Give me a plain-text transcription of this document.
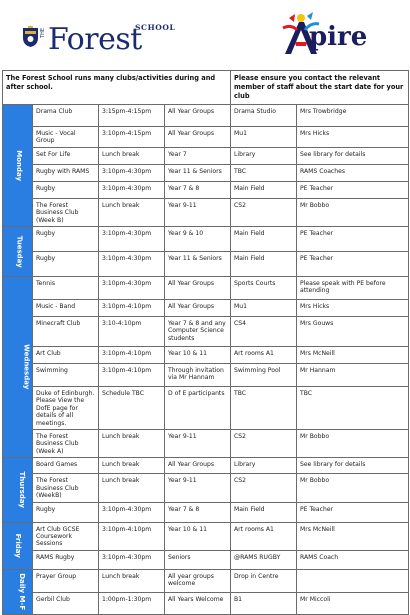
THE Forest
SCHOOL	pire
The Forest School runs many clubs/activities during and after school.				Please ensure you contact the relevant member of staff about the start date for your club	
Monday	Drama Club	3:15pm-4:15pm	All Year Groups	Drama Studio	Mrs Trowbridge
	Music - Vocal Group	3:10pm-4:15pm	All Year Groups	Mu1	Mrs Hicks
	Set For Life	Lunch break	Year 7	Library	See library for details
	Rugby with RAMS	3:10pm-4:30pm	Year 11 & Seniors	TBC	RAMS Coaches
	Rugby	3:10pm-4:30pm	Year 7 & 8	Main Field	PE Teacher
	The Forest Business Club (Week B)	Lunch break	Year 9-11	CS2	Mr Bobbo
Tuesday	Rugby	3:10pm-4:30pm	Year 9 & 10	Main Field	PE Teacher
	Rugby	3:10pm-4:30pm	Year 11 & Seniors	Main Field	PE Teacher
Wednesday	Tennis	3:10pm-4:30pm	All Year Groups	Sports Courts	Please speak with PE before attending
	Music - Band	3:10pm-4:10pm	All Year Groups	Mu1	Mrs Hicks
	Minecraft Club	3:10-4:10pm	Year 7 & 8 and any Computer Science students	CS4	Mrs Gouws
	Art Club	3:10pm-4:10pm	Year 10 & 11	Art rooms A1	Mrs McNeill
	Swimming	3:10pm-4:10pm	Through invitation via Mr Hannam	Swimming Pool	Mr Hannam
	Duke of Edinburgh. Please View the DofE page for details of all meetings.	Schedule TBC	D of E participants	TBC	TBC
	The Forest Business Club (Week A)	Lunch break	Year 9-11	CS2	Mr Bobbo
Thursday	Board Games	Lunch break	All Year Groups	Library	See library for details
	The Forest Business Club (WeekB)	Lunch break	Year 9-11	CS2	Mr Bobbo
	Rugby	3:10pm-4:30pm	Year 7 & 8	Main Field	PE Teacher
Friday	Art Club GCSE Coursework Sessions	3:10pm-4:10pm	Year 10 & 11	Art rooms A1	Mrs McNeill
	RAMS Rugby	3:10pm-4:30pm	Seniors	@RAMS RUGBY	RAMS Coach
Daily M-F	Prayer Group	Lunch break	All year groups welcome	Drop in Centre	
	Gerbil Club	1:00pm-1:30pm	All Years Welcome	B1	Mr Miccoli
